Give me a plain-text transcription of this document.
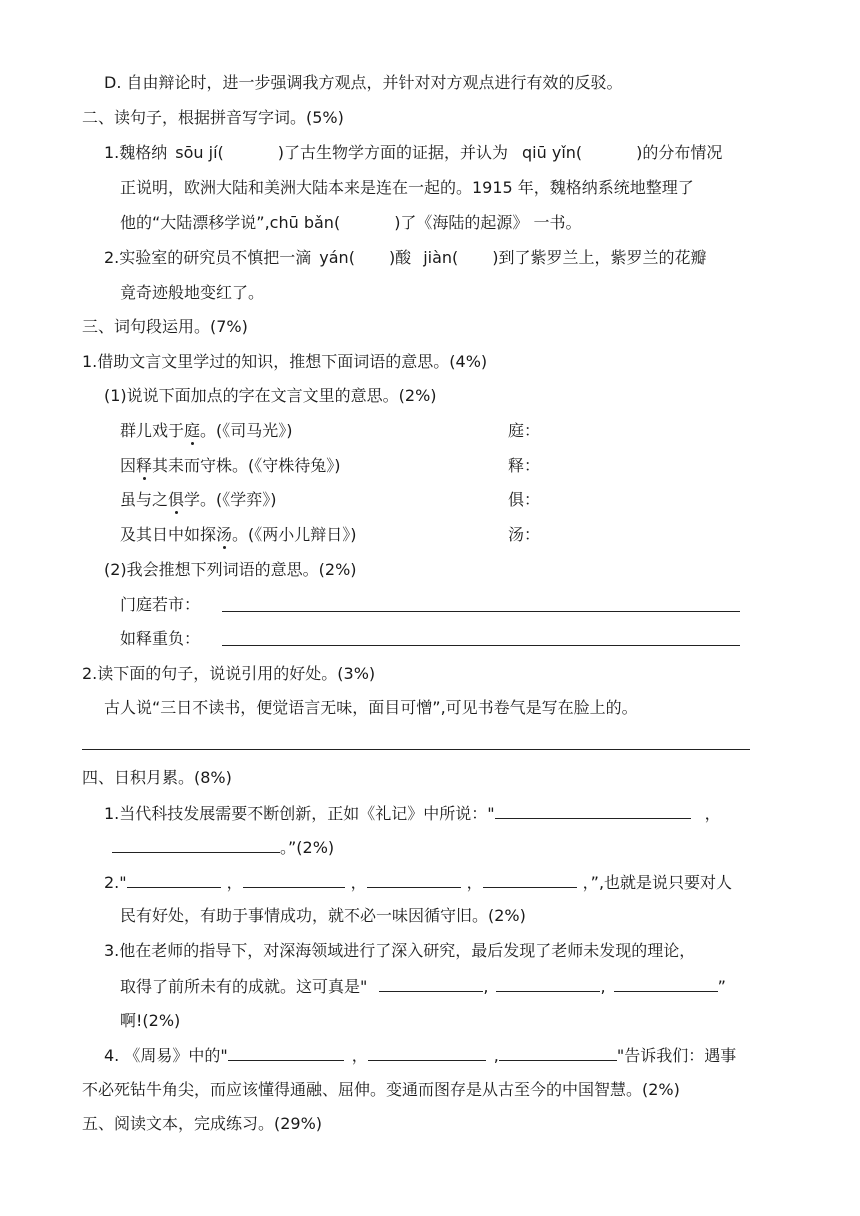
D. 自由辩论时，进一步强调我方观点，并针对对方观点进行有效的反驳。
二、读句子，根据拼音写字词。(5%)
1.魏格纳 sōu jí(	)了古生物学方面的证据，并认为 qiū yǐn(	)的分布情况
正说明，欧洲大陆和美洲大陆本来是连在一起的。1915 年，魏格纳系统地整理了
他的“大陆漂移学说”,chū bǎn(	)了《海陆的起源》 一书。
2.实验室的研究员不慎把一滴 yán( )酸 jiàn( )到了紫罗兰上，紫罗兰的花瓣
竟奇迹般地变红了。
三、词句段运用。(7%)
1.借助文言文里学过的知识，推想下面词语的意思。(4%)
(1)说说下面加点的字在文言文里的意思。(2%)
群儿戏于庭。(《司马光》)	庭：
因释其耒而守株。(《守株待兔》)	释：
虽与之俱学。(《学弈》)	俱：
及其日中如探汤。(《两小儿辩日》)	汤：
(2)我会推想下列词语的意思。(2%)
门庭若市：
如释重负：
2.读下面的句子，说说引用的好处。(3%)
古人说“三日不读书，便觉语言无味，面目可憎”,可见书卷气是写在脸上的。
四、日积月累。(8%)
1.当代科技发展需要不断创新，正如《礼记》中所说："	，
。”(2%)
2."	，	，	，	，”,也就是说只要对人
民有好处，有助于事情成功，就不必一味因循守旧。(2%)
3.他在老师的指导下，对深海领域进行了深入研究，最后发现了老师未发现的理论，
取得了前所未有的成就。这可真是"	,	,	”
啊!(2%)
4. 《周易》中的"	，	,	"告诉我们：遇事
不必死钻牛角尖，而应该懂得通融、屈伸。变通而图存是从古至今的中国智慧。(2%)
五、阅读文本，完成练习。(29%)
